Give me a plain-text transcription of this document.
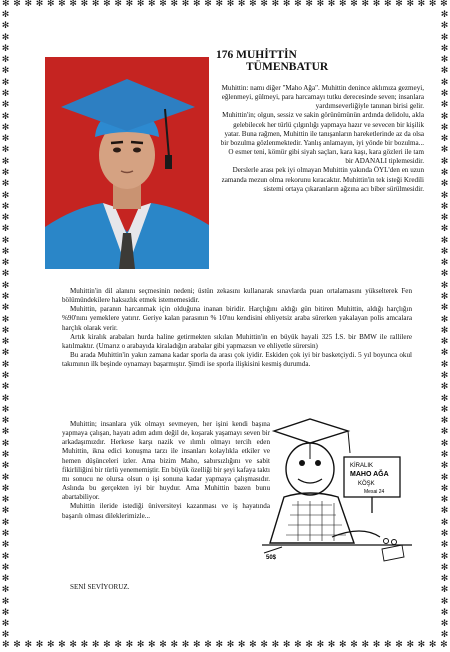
✻ ✻ ✻ ✻ ✻ ✻ ✻ ✻ ✻ ✻ ✻ ✻ ✻ ✻ ✻ ✻ ✻ ✻ ✻ ✻ ✻ ✻ ✻ ✻ ✻ ✻ ✻ ✻ ✻ ✻ ✻ ✻ ✻ ✻ ✻ ✻ ✻ ✻ ✻ ✻
✻ ✻ ✻ ✻ ✻ ✻ ✻ ✻ ✻ ✻ ✻ ✻ ✻ ✻ ✻ ✻ ✻ ✻ ✻ ✻ ✻ ✻ ✻ ✻ ✻ ✻ ✻ ✻ ✻ ✻ ✻ ✻ ✻ ✻ ✻ ✻ ✻ ✻ ✻ ✻
✻
✻
✻
✻
✻
✻
✻
✻
✻
✻
✻
✻
✻
✻
✻
✻
✻
✻
✻
✻
✻
✻
✻
✻
✻
✻
✻
✻
✻
✻
✻
✻
✻
✻
✻
✻
✻
✻
✻
✻
✻
✻
✻
✻
✻
✻
✻
✻
✻
✻
✻
✻
✻
✻
✻
✻
✻
✻
✻
✻
✻
✻
✻
✻
✻
✻
✻
✻
✻
✻
✻
✻
✻
✻
✻
✻
✻
✻
✻
✻
✻
✻
✻
✻
✻
✻
✻
✻
✻
✻
✻
✻
✻
✻
✻
✻
✻
✻
✻
✻
✻
✻
✻
✻
✻
✻
✻
✻
✻
✻
✻
✻
176 MUHİTTİN
TÜMENBATUR

Muhittin: namı diğer "Maho Ağa". Muhittin denince aklımıza gezmeyi, eğlenmeyi, gülmeyi, para harcamayı tutku derecesinde seven; insanlara yardımseverliğiyle tanınan birisi gelir.

Muhittin'in; olgun, sessiz ve sakin görünümünün ardında delidolu, akla gelebilecek her türlü çılgınlığı yapmaya hazır ve sevecen bir kişilik yatar. Buna rağmen, Muhittin ile tanışanların hareketlerinde az da olsa bir bozulma gözlenmektedir. Yanlış anlamayın, iyi yönde bir bozulma...

O esmer teni, kömür gibi siyah saçları, kara kaşı, kara gözleri ile tam bir ADANALI tiplemesidir.

Derslerle arası pek iyi olmayan Muhittin yakında ÖYL'den en uzun zamanda mezun olma rekorunu kıracaktır. Muhittin'in tek isteği Kredili sistemi ortaya çıkaranların ağzına acı biber sürülmesidir.

Muhittin'in dil alanını seçmesinin nedeni; üstün zekasını kullanarak sınavlarda puan ortalamasını yükselterek Fen bölümündekilere haksızlık etmek istememesidir.

Muhittin, paranın harcanmak için olduğuna inanan biridir. Harçlığını aldığı gün bitiren Muhittin, aldığı harçlığın %90'nını yemeklere yatırır. Geriye kalan parasının % 10'nu kendisini ehliyetsiz araba sürerken yakalayan polis amcalara harçlık olarak verir.

Artık kiralık arabaları hurda haline getirmekten sıkılan Muhittin'in en büyük hayali 325 İ.S. bir BMW ile rallilere katılmaktır. (Umarız o arabayıda kiraladığın arabalar gibi yapmazsın ve ehliyetle sürersin)

Bu arada Muhittin'in yakın zamana kadar sporla da arası çok iyidir. Eskiden çok iyi bir basketçiydi. 5 yıl boyunca okul takımının ilk beşinde oynamayı başarmıştır. Şimdi ise sporla ilişkisini kesmiş durumda.

Muhittin; insanlara yük olmayı sevmeyen, her işini kendi başına yapmaya çalışan, hayatı adım adım değil de, koşarak yaşamayı seven bir arkadaşımızdır. Herkese karşı nazik ve ılımlı olmayı tercih eden Muhittin, ikna edici konuşma tarzı ile insanları kolaylıkla etkiler ve hemen düşünceleri izler. Ama bizim Maho, sabırsızlığını ve sabit fikirliliğini bir türlü yenememiştir. En büyük özelliği bir şeyi kafaya taktı mı sonucu ne olursa olsun o işi sonuna kadar yapmaya çalışmasıdır. Aslında bu gerçekten iyi bir huydur. Ama Muhittin bazen bunu abartabiliyor.

Muhittin ileride istediği üniversiteyi kazanması ve iş hayatında başarılı olması dileklerimizle...

SENİ SEVİYORUZ.

KİRALIK
MAHO AĞA
KÖŞK
Mesai 24
50$
